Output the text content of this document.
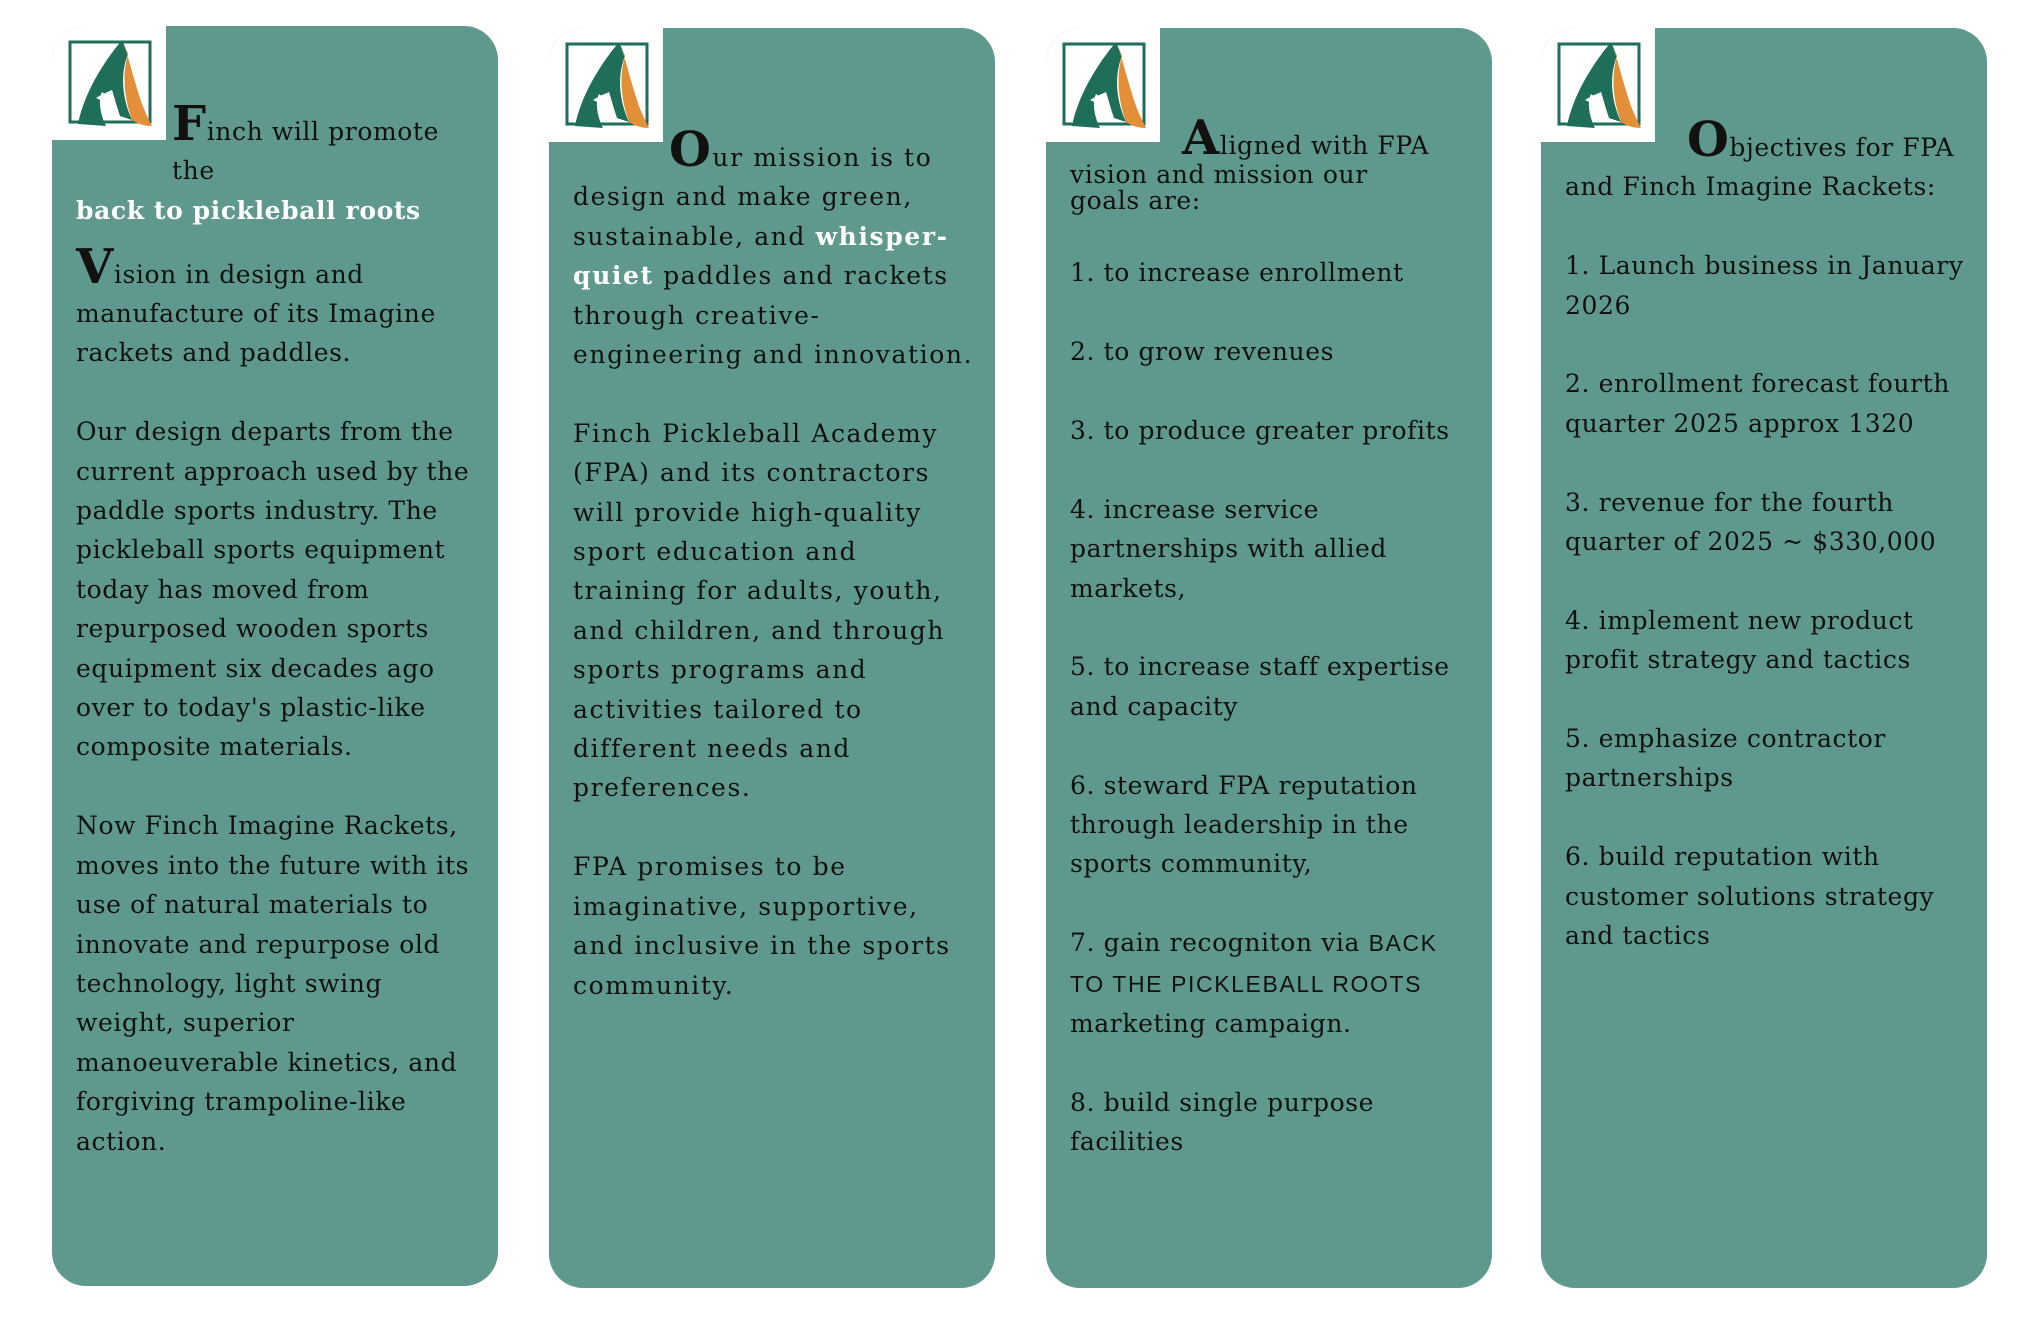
Finch will promote the

back to pickleball roots

Vision in design and manufacture of its Imagine rackets and paddles.

Our design departs from the current approach used by the paddle sports industry. The pickleball sports equipment today has moved from repurposed wooden sports equipment six decades ago over to today's plastic-like composite materials.

Now Finch Imagine Rackets, moves into the future with its use of natural materials to innovate and repurpose old technology, light swing weight, superior manoeuverable kinetics, and forgiving trampoline-like action.

Our mission is to design and make green, sustainable, and whisper-quiet paddles and rackets through creative-engineering and innovation.

Finch Pickleball Academy (FPA) and its contractors will provide high-quality sport education and training for adults, youth, and children, and through sports programs and activities tailored to different needs and preferences.

FPA promises to be imaginative, supportive, and inclusive in the sports community.

Aligned with FPA
vision and mission our
goals are:

1. to increase enrollment

2. to grow revenues

3. to produce greater profits

4. increase service partnerships with allied markets,

5. to increase staff expertise and capacity

6. steward FPA reputation through leadership in the sports community,

7. gain recogniton via BACK TO THE PICKLEBALL ROOTS
marketing campaign.

8. build single purpose facilities

Objectives for FPA
and Finch Imagine Rackets:

1. Launch business in January 2026

2. enrollment forecast fourth quarter 2025 approx 1320

3. revenue for the fourth quarter of 2025 ~ $330,000

4. implement new product profit strategy and tactics

5. emphasize contractor partnerships

6. build reputation with customer solutions strategy and tactics
